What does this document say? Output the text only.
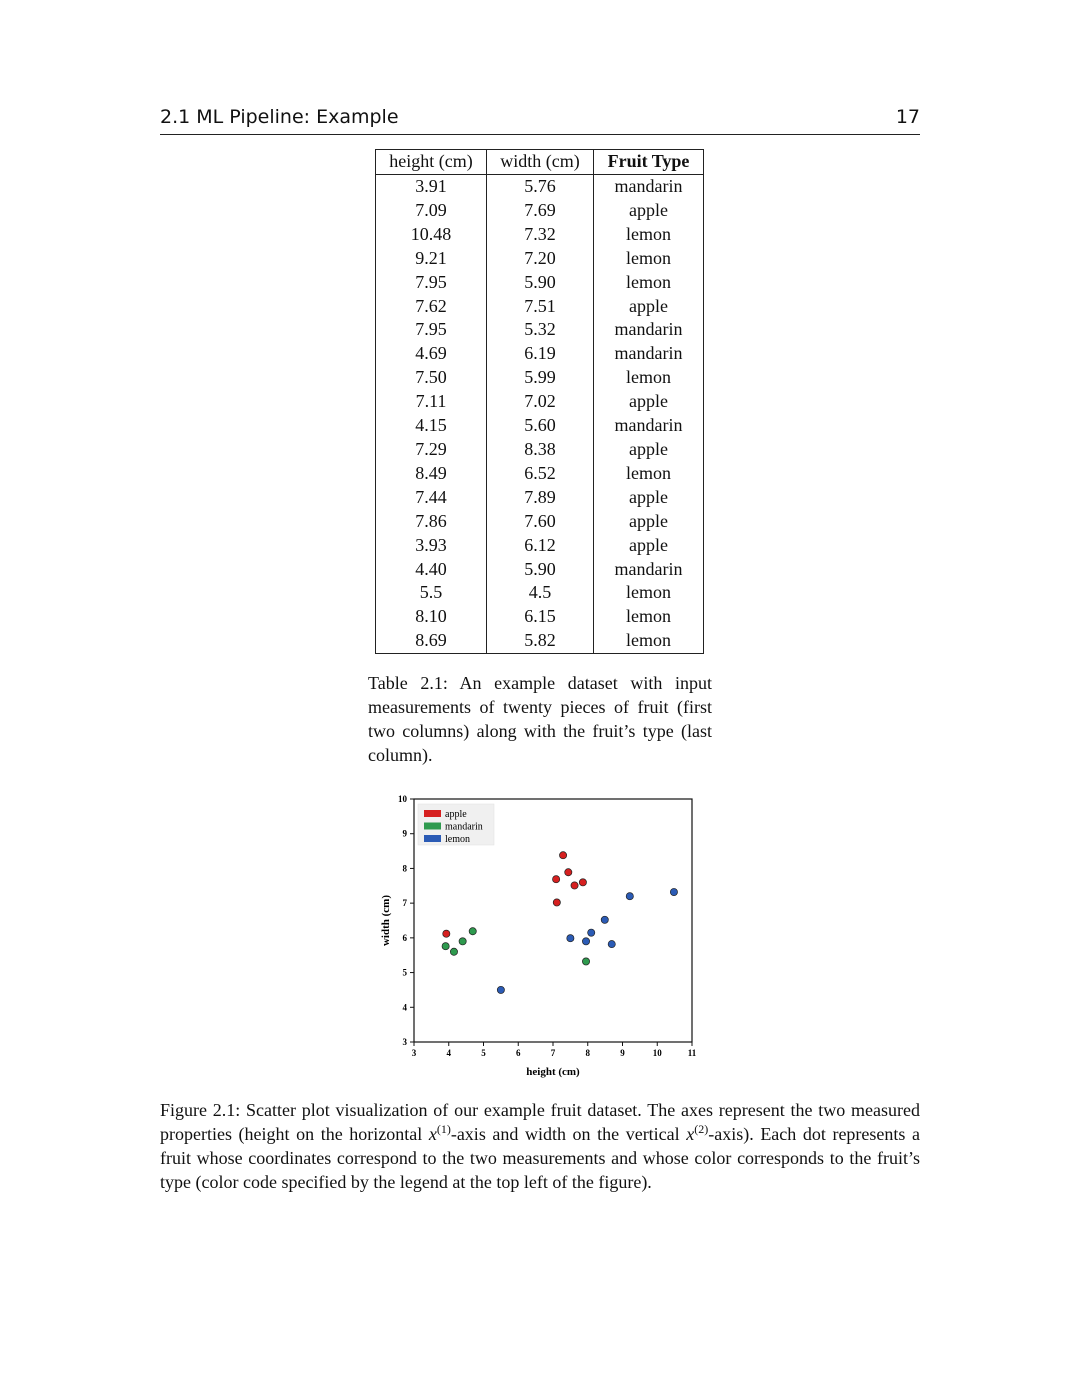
2.1 ML Pipeline: Example	17
height (cm)	width (cm)	Fruit Type
3.91	5.76	mandarin
7.09	7.69	apple
10.48	7.32	lemon
9.21	7.20	lemon
7.95	5.90	lemon
7.62	7.51	apple
7.95	5.32	mandarin
4.69	6.19	mandarin
7.50	5.99	lemon
7.11	7.02	apple
4.15	5.60	mandarin
7.29	8.38	apple
8.49	6.52	lemon
7.44	7.89	apple
7.86	7.60	apple
3.93	6.12	apple
4.40	5.90	mandarin
5.5	4.5	lemon
8.10	6.15	lemon
8.69	5.82	lemon
Table 2.1: An example dataset with input measurements of twenty pieces of fruit (first two columns) along with the fruit’s type (last column).
3	4	5	6	7	8	9	10	11
3
4
5
6
7
8
9
10
height (cm)
width (cm)
apple
mandarin
lemon
Figure 2.1: Scatter plot visualization of our example fruit dataset. The axes represent the two measured properties (height on the horizontal $x^{(1)}$-axis and width on the vertical $x^{(2)}-axis$). Each dot represents a fruit whose coordinates correspond to the two measurements and whose color corresponds to the fruit’s type (color code specified by the legend at the top left of the figure).
